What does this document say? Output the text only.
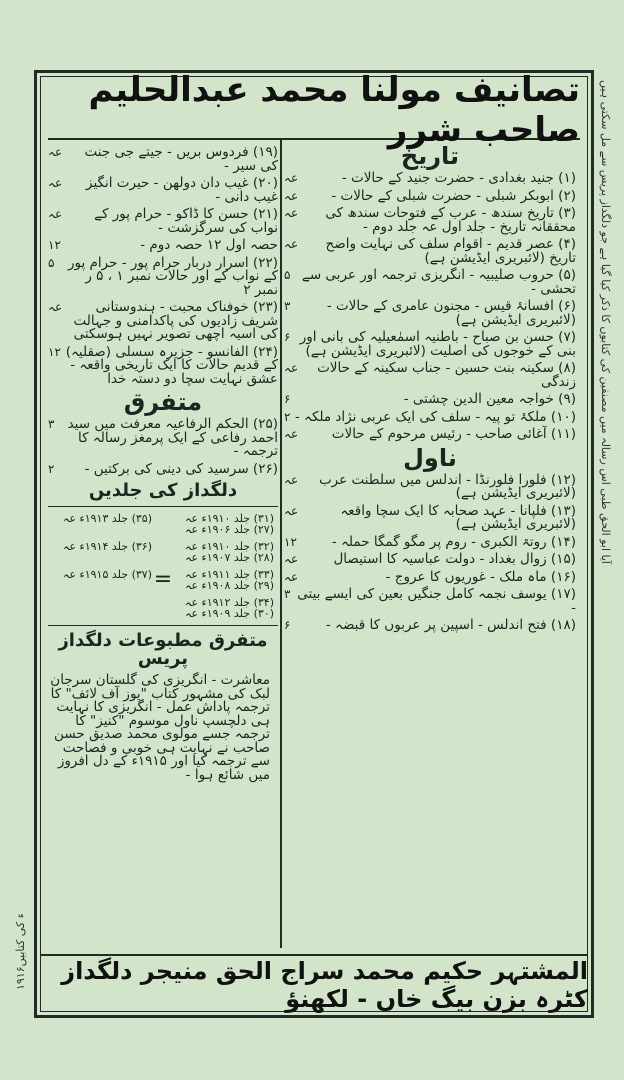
تصانیف مولنا محمد عبدالحلیم صاحب شرر آیا ابو الحق طبی اس رسالہ میں مصنفین کی کتابوں کا ذکر کیا گیا ہے جو دلگداز پریس سے مل سکتی ہیں
۱۹۱۶ء کی کتابیں
تاریخ
(۱) جنید بغدادی - حضرت جنید کے حالات -
عہ
(۲) ابوبکر شبلی - حضرت شبلی کے حالات -
عہ
(۳) تاریخ سندھ - عرب کے فتوحات سندھ کی محققانہ تاریخ - جلد اول عہ جلد دوم -
عہ
(۴) عصر قدیم - اقوام سلف کی نہایت واضح تاریخ (لائبریری ایڈیشن ہے)
عہ
(۵) حروب صلیبیہ - انگریزی ترجمہ اور عربی سے تحشی -
۵
(۶) افسانۂ قیس - مجنون عامری کے حالات - (لائبریری ایڈیشن ہے)
۳
(۷) حسن بن صباح - باطنیہ اسمٰعیلیہ کی بانی اور بنی کے خوجوں کی اصلیت (لائبریری ایڈیشن ہے)
۶
(۸) سکینہ بنت حسین - جناب سکینہ کے حالات زندگی
عہ
(۹) خواجہ معین الدین چشتی -
۶
(۱۰) ملکۂ تو پیہ - سلف کی ایک عربی نژاد ملکہ -
۲
(۱۱) آغائی صاحب - رئیس مرحوم کے حالات
عہ
ناول
(۱۲) فلورا فلورنڈا - اندلس میں سلطنت عرب (لائبریری ایڈیشن ہے)
عہ
(۱۳) فلپانا - عہد صحابہ کا ایک سچا واقعہ (لائبریری ایڈیشن ہے)
عہ
(۱۴) روتۃ الکبری - روم پر مگو گمگا حملہ -
۱۲
(۱۵) زوال بغداد - دولت عباسیہ کا استیصال
عہ
(۱۶) ماہ ملک - غوریوں کا عروج -
عہ
(۱۷) یوسف نجمہ کامل جنگیں بعین کی ایسے بیتی -
۳
(۱۸) فتح اندلس - اسپین پر عربوں کا قبضہ -
۶
(۱۹) فردوس بریں - جیتے جی جنت کی سیر -
عہ
(۲۰) غیب دان دولھن - حیرت انگیز غیب دانی -
عہ
(۲۱) حسن کا ڈاکو - حرام پور کے نواب کی سرگزشت -
عہ
حصہ اول ۱۲ حصہ دوم -
۱۲
(۲۲) اسرار دربار حرام پور - حرام پور کے نواب کے اور حالات نمبر ۱ ، ۵ ر نمبر ۲
۵
(۲۳) خوفناک محبت - ہندوستانی شریف زادیوں کی پاکدامنی و جہالت کی اسیہ اچھی تصویر نہیں ہوسکتی
عہ
(۲۴) الفانسو - جزیرہ سسلی (صقلیہ) کے قدیم حالات کا ایک تاریخی واقعہ - عشق نہایت سچا دو دستہ خدا
۱۲
متفرق
(۲۵) الحکم الرفاعیہ معرفت میں سید احمد رفاعی کے ایک پرمغز رسالہ کا ترجمہ -
۳
(۲۶) سرسید کی دینی کی برکتیں -
۲
دلگداز کی جلدیں
(۳۵) جلد ۱۹۱۳ء عہ	(۳۱) جلد ۱۹۱۰ء عہ (۲۷) جلد ۱۹۰۶ء عہ
(۳۶) جلد ۱۹۱۴ء عہ	(۳۲) جلد ۱۹۱۰ء عہ (۲۸) جلد ۱۹۰۷ء عہ
(۳۷) جلد ۱۹۱۵ء عہ =	(۳۳) جلد ۱۹۱۱ء عہ (۲۹) جلد ۱۹۰۸ء عہ
(۳۴) جلد ۱۹۱۲ء عہ (۳۰) جلد ۱۹۰۹ء عہ
متفرق مطبوعات دلگداز پریس
معاشرت - انگریزی کی گلستان سرجان لبک کی مشہور کتاب "یوز آف لائف" کا ترجمہ پاداش عمل - انگریزی کا نہایت ہی دلچسپ ناول موسوم "کنیز" کا ترجمہ جسے مولوی محمد صدیق حسن صاحب نے نہایت ہی خوبی و فصاحت سے ترجمہ کیا اور ۱۹۱۵ء کے دل افروز میں شائع ہوا -
المشتہر حکیم محمد سراج الحق منیجر دلگداز کٹرہ بزن بیگ خاں - لکھنؤ
